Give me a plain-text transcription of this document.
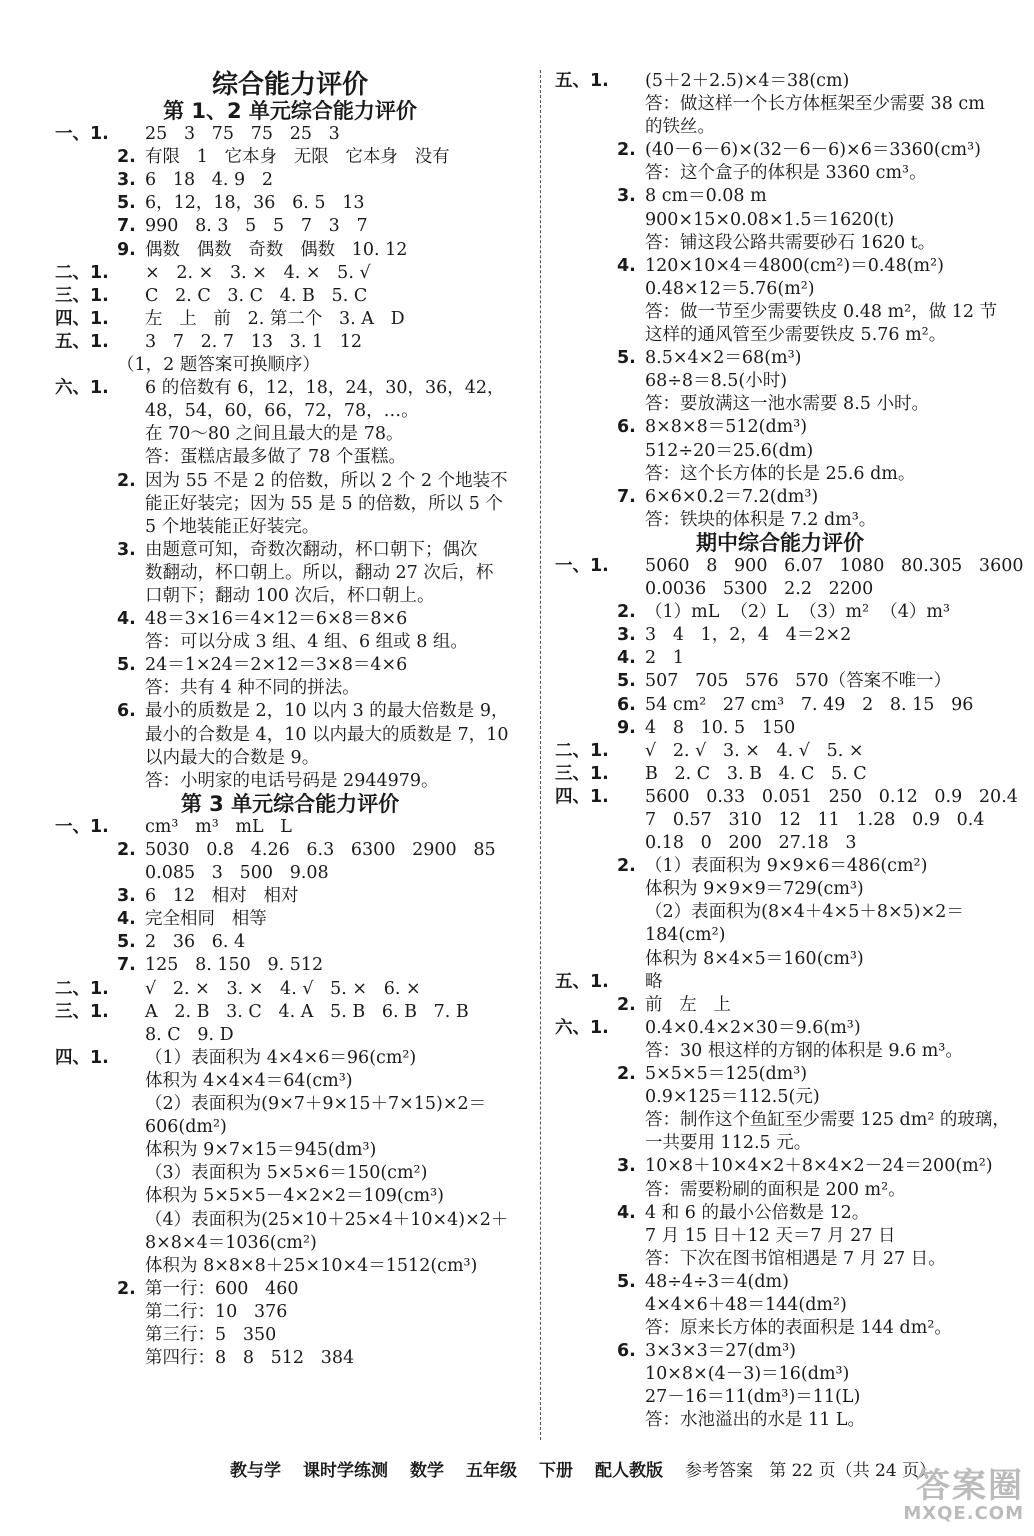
综合能力评价
第 1、2 单元综合能力评价
一、1. 25   3   75   75   25   3
2. 有限   1   它本身   无限   它本身   没有
3. 6   18   4. 9   2
5. 6，12，18，36   6. 5   13
7. 990   8. 3   5   5   7   3   7
9. 偶数   偶数   奇数   偶数   10. 12
二、1. ×   2. ×   3. ×   4. ×   5. √
三、1. C   2. C   3. C   4. B   5. C
四、1. 左   上   前   2. 第二个   3. A   D
五、1. 3   7   2. 7   13   3. 1   12
（1，2 题答案可换顺序）
六、1. 6 的倍数有 6，12，18，24，30，36，42，
48，54，60，66，72，78，…。
在 70～80 之间且最大的是 78。
答：蛋糕店最多做了 78 个蛋糕。
2. 因为 55 不是 2 的倍数，所以 2 个 2 个地装不
能正好装完；因为 55 是 5 的倍数，所以 5 个
5 个地装能正好装完。
3. 由题意可知，奇数次翻动，杯口朝下；偶次
数翻动，杯口朝上。所以，翻动 27 次后，杯
口朝下；翻动 100 次后，杯口朝上。
4. 48＝3×16＝4×12＝6×8＝8×6
答：可以分成 3 组、4 组、6 组或 8 组。
5. 24＝1×24＝2×12＝3×8＝4×6
答：共有 4 种不同的拼法。
6. 最小的质数是 2，10 以内 3 的最大倍数是 9，
最小的合数是 4，10 以内最大的质数是 7，10
以内最大的合数是 9。
答：小明家的电话号码是 2944979。
第 3 单元综合能力评价
一、1. cm³   m³   mL   L
2. 5030   0.8   4.26   6.3   6300   2900   85
0.085   3   500   9.08
3. 6   12   相对   相对
4. 完全相同   相等
5. 2   36   6. 4
7. 125   8. 150   9. 512
二、1. √   2. ×   3. ×   4. √   5. ×   6. ×
三、1. A   2. B   3. C   4. A   5. B   6. B   7. B
8. C   9. D
四、1. （1）表面积为 4×4×6＝96(cm²)
体积为 4×4×4＝64(cm³)
（2）表面积为(9×7＋9×15＋7×15)×2＝
606(dm²)
体积为 9×7×15＝945(dm³)
（3）表面积为 5×5×6＝150(cm²)
体积为 5×5×5－4×2×2＝109(cm³)
（4）表面积为(25×10＋25×4＋10×4)×2＋
8×8×4＝1036(cm²)
体积为 8×8×8＋25×10×4＝1512(cm³)
2. 第一行：600   460
第二行：10   376
第三行：5   350
第四行：8   8   512   384
五、1. (5＋2＋2.5)×4＝38(cm)
答：做这样一个长方体框架至少需要 38 cm
的铁丝。
2. (40－6－6)×(32－6－6)×6＝3360(cm³)
答：这个盒子的体积是 3360 cm³。
3. 8 cm＝0.08 m
900×15×0.08×1.5＝1620(t)
答：铺这段公路共需要砂石 1620 t。
4. 120×10×4＝4800(cm²)＝0.48(m²)
0.48×12＝5.76(m²)
答：做一节至少需要铁皮 0.48 m²，做 12 节
这样的通风管至少需要铁皮 5.76 m²。
5. 8.5×4×2＝68(m³)
68÷8＝8.5(小时)
答：要放满这一池水需要 8.5 小时。
6. 8×8×8＝512(dm³)
512÷20＝25.6(dm)
答：这个长方体的长是 25.6 dm。
7. 6×6×0.2＝7.2(dm³)
答：铁块的体积是 7.2 dm³。
期中综合能力评价
一、1. 5060   8   900   6.07   1080   80.305   3600
0.0036   5300   2.2   2200
2. （1）mL  （2）L  （3）m²  （4）m³
3. 3   4   1，2，4   4＝2×2
4. 2   1
5. 507   705   576   570（答案不唯一）
6. 54 cm²   27 cm³   7. 49   2   8. 15   96
9. 4   8   10. 5   150
二、1. √   2. √   3. ×   4. √   5. ×
三、1. B   2. C   3. B   4. C   5. C
四、1. 5600   0.33   0.051   250   0.12   0.9   20.4
7   0.57   310   12   11   1.28   0.9   0.4
0.18   0   200   27.18   3
2. （1）表面积为 9×9×6＝486(cm²)
体积为 9×9×9＝729(cm³)
（2）表面积为(8×4＋4×5＋8×5)×2＝
184(cm²)
体积为 8×4×5＝160(cm³)
五、1. 略
2. 前   左   上
六、1. 0.4×0.4×2×30＝9.6(m³)
答：30 根这样的方钢的体积是 9.6 m³。
2. 5×5×5＝125(dm³)
0.9×125＝112.5(元)
答：制作这个鱼缸至少需要 125 dm² 的玻璃，
一共要用 112.5 元。
3. 10×8＋10×4×2＋8×4×2－24＝200(m²)
答：需要粉刷的面积是 200 m²。
4. 4 和 6 的最小公倍数是 12。
7 月 15 日＋12 天＝7 月 27 日
答：下次在图书馆相遇是 7 月 27 日。
5. 48÷4÷3＝4(dm)
4×4×6＋48＝144(dm²)
答：原来长方体的表面积是 144 dm²。
6. 3×3×3＝27(dm³)
10×8×(4－3)＝16(dm³)
27－16＝11(dm³)＝11(L)
答：水池溢出的水是 11 L。
教与学 课时学练测 数学 五年级 下册 配人教版 参考答案   第 22 页（共 24 页）
答案圈
MXQE.COM
